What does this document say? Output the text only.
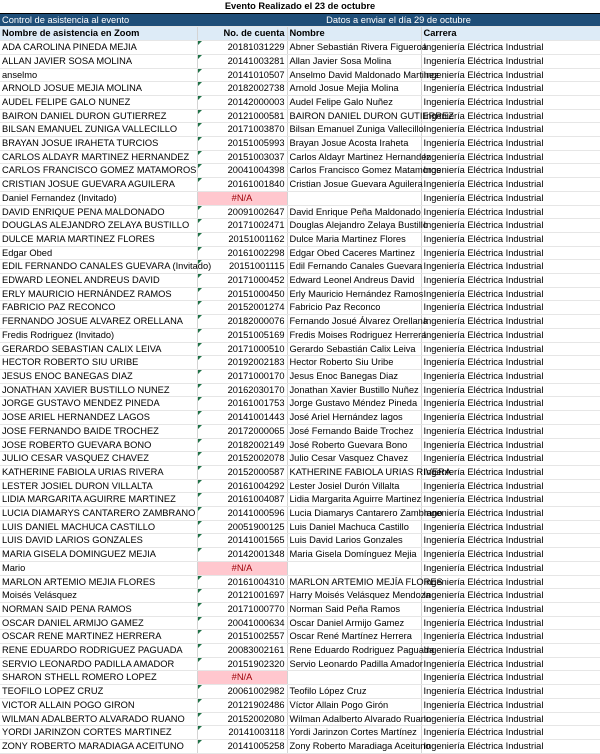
Evento Realizado el 23 de octubre			
Control de asistencia al evento	Datos a enviar el día 29 de octubre		
Nombre de asistencia en Zoom	No. de cuenta	Nombre	Carrera
ADA CAROLINA PINEDA MEJIA	20181031229	Abner Sebastián Rivera Figueroa	Ingeniería Eléctrica Industrial
ALLAN JAVIER SOSA MOLINA	20141003281	Allan Javier Sosa Molina	Ingeniería Eléctrica Industrial
anselmo	20141010507	Anselmo David Maldonado Martinez	Ingeniería Eléctrica Industrial
ARNOLD JOSUE MEJIA MOLINA	20182002738	Arnold Josue Mejia Molina	Ingeniería Eléctrica Industrial
AUDEL FELIPE GALO NUNEZ	20142000003	Audel Felipe Galo Nuñez	Ingeniería Eléctrica Industrial
BAIRON DANIEL DURON GUTIERREZ	20121000581	BAIRON DANIEL DURON GUTIERREZ	Ingeniería Eléctrica Industrial
BILSAN EMANUEL ZUNIGA VALLECILLO	20171003870	Bilsan Emanuel Zuniga Vallecillo	Ingeniería Eléctrica Industrial
BRAYAN JOSUE IRAHETA TURCIOS	20151005993	Brayan Josue Acosta Iraheta	Ingeniería Eléctrica Industrial
CARLOS ALDAYR MARTINEZ HERNANDEZ	20151003037	Carlos Aldayr Martinez Hernandez	Ingeniería Eléctrica Industrial
CARLOS FRANCISCO GOMEZ MATAMOROS	20041004398	Carlos Francisco Gomez Matamoros	Ingeniería Eléctrica Industrial
CRISTIAN JOSUE GUEVARA AGUILERA	20161001840	Cristian Josue Guevara Aguilera	Ingeniería Eléctrica Industrial
Daniel Fernandez (Invitado)	#N/A		Ingeniería Eléctrica Industrial
DAVID ENRIQUE PENA MALDONADO	20091002647	David Enrique Peña Maldonado	Ingeniería Eléctrica Industrial
DOUGLAS ALEJANDRO ZELAYA BUSTILLO	20171002471	Douglas Alejandro Zelaya Bustillo	Ingeniería Eléctrica Industrial
DULCE MARIA MARTINEZ FLORES	20151001162	Dulce Maria Martinez Flores	Ingeniería Eléctrica Industrial
Edgar Obed	20161002298	Edgar Obed Caceres Martinez	Ingeniería Eléctrica Industrial
EDIL FERNANDO CANALES GUEVARA (Invitado)	20151001115	Edil Fernando Canales Guevara	Ingeniería Eléctrica Industrial
EDWARD LEONEL ANDREUS DAVID	20171000452	Edward Leonel Andreus David	Ingeniería Eléctrica Industrial
ERLY MAURICIO HERNÁNDEZ RAMOS	20151000450	Erly Mauricio Hernández Ramos	Ingeniería Eléctrica Industrial
FABRICIO PAZ RECONCO	20152001274	Fabricio Paz Reconco	Ingeniería Eléctrica Industrial
FERNANDO JOSUE ALVAREZ ORELLANA	20182000076	Fernando Josué Álvarez Orellana	Ingeniería Eléctrica Industrial
Fredis Rodriguez (Invitado)	20151005169	Fredis Moises Rodriguez Herrera	Ingeniería Eléctrica Industrial
GERARDO SEBASTIAN CALIX LEIVA	20171000510	Gerardo Sebastián Calix Leiva	Ingeniería Eléctrica Industrial
HECTOR ROBERTO SIU URIBE	20192002183	Hector Roberto Siu Uribe	Ingeniería Eléctrica Industrial
JESUS ENOC BANEGAS DIAZ	20171000170	Jesus Enoc Banegas Diaz	Ingeniería Eléctrica Industrial
JONATHAN XAVIER BUSTILLO NUNEZ	20162030170	Jonathan Xavier Bustillo Nuñez	Ingeniería Eléctrica Industrial
JORGE GUSTAVO MENDEZ PINEDA	20161001753	Jorge Gustavo Méndez Pineda	Ingeniería Eléctrica Industrial
JOSE ARIEL HERNANDEZ LAGOS	20141001443	José Ariel Hernández lagos	Ingeniería Eléctrica Industrial
JOSE FERNANDO BAIDE TROCHEZ	20172000065	José Fernando Baide Trochez	Ingeniería Eléctrica Industrial
JOSE ROBERTO GUEVARA BONO	20182002149	José Roberto Guevara Bono	Ingeniería Eléctrica Industrial
JULIO CESAR VASQUEZ CHAVEZ	20152002078	Julio Cesar Vasquez Chavez	Ingeniería Eléctrica Industrial
KATHERINE FABIOLA URIAS RIVERA	20152000587	KATHERINE FABIOLA URIAS RIVERA	Ingeniería Eléctrica Industrial
LESTER JOSIEL DURON VILLALTA	20161004292	Lester Josiel Durón Villalta	Ingeniería Eléctrica Industrial
LIDIA MARGARITA AGUIRRE MARTINEZ	20161004087	Lidia Margarita Aguirre Martinez	Ingeniería Eléctrica Industrial
LUCIA DIAMARYS CANTARERO ZAMBRANO	20141000596	Lucia Diamarys Cantarero Zambrano	Ingeniería Eléctrica Industrial
LUIS DANIEL MACHUCA CASTILLO	20051900125	Luis Daniel Machuca Castillo	Ingeniería Eléctrica Industrial
LUIS DAVID LARIOS GONZALES	20141001565	Luis David Larios Gonzales	Ingeniería Eléctrica Industrial
MARIA GISELA DOMINGUEZ MEJIA	20142001348	Maria Gisela Domínguez Mejia	Ingeniería Eléctrica Industrial
Mario	#N/A		Ingeniería Eléctrica Industrial
MARLON ARTEMIO MEJIA FLORES	20161004310	MARLON ARTEMIO MEJÍA FLORES	Ingeniería Eléctrica Industrial
Moisés Velásquez	20121001697	Harry Moisés Velásquez Mendoza	Ingeniería Eléctrica Industrial
NORMAN SAID PENA RAMOS	20171000770	Norman Said Peña Ramos	Ingeniería Eléctrica Industrial
OSCAR DANIEL ARMIJO GAMEZ	20041000634	Oscar Daniel Armijo Gamez	Ingeniería Eléctrica Industrial
OSCAR RENE MARTINEZ HERRERA	20151002557	Oscar René Martínez Herrera	Ingeniería Eléctrica Industrial
RENE EDUARDO RODRIGUEZ PAGUADA	20083002161	Rene Eduardo Rodriguez Paguada	Ingeniería Eléctrica Industrial
SERVIO LEONARDO PADILLA AMADOR	20151902320	Servio Leonardo Padilla Amador	Ingeniería Eléctrica Industrial
SHARON STHELL ROMERO LOPEZ	#N/A		Ingeniería Eléctrica Industrial
TEOFILO LOPEZ CRUZ	20061002982	Teofilo López Cruz	Ingeniería Eléctrica Industrial
VICTOR ALLAIN POGO GIRON	20121902486	Víctor Allain Pogo Girón	Ingeniería Eléctrica Industrial
WILMAN ADALBERTO ALVARADO RUANO	20152002080	Wilman Adalberto Alvarado Ruano	Ingeniería Eléctrica Industrial
YORDI JARINZON CORTES MARTINEZ	20141003118	Yordi Jarinzon Cortes Martínez	Ingeniería Eléctrica Industrial
ZONY ROBERTO MARADIAGA ACEITUNO	20141005258	Zony Roberto Maradiaga Aceituno	Ingeniería Eléctrica Industrial
